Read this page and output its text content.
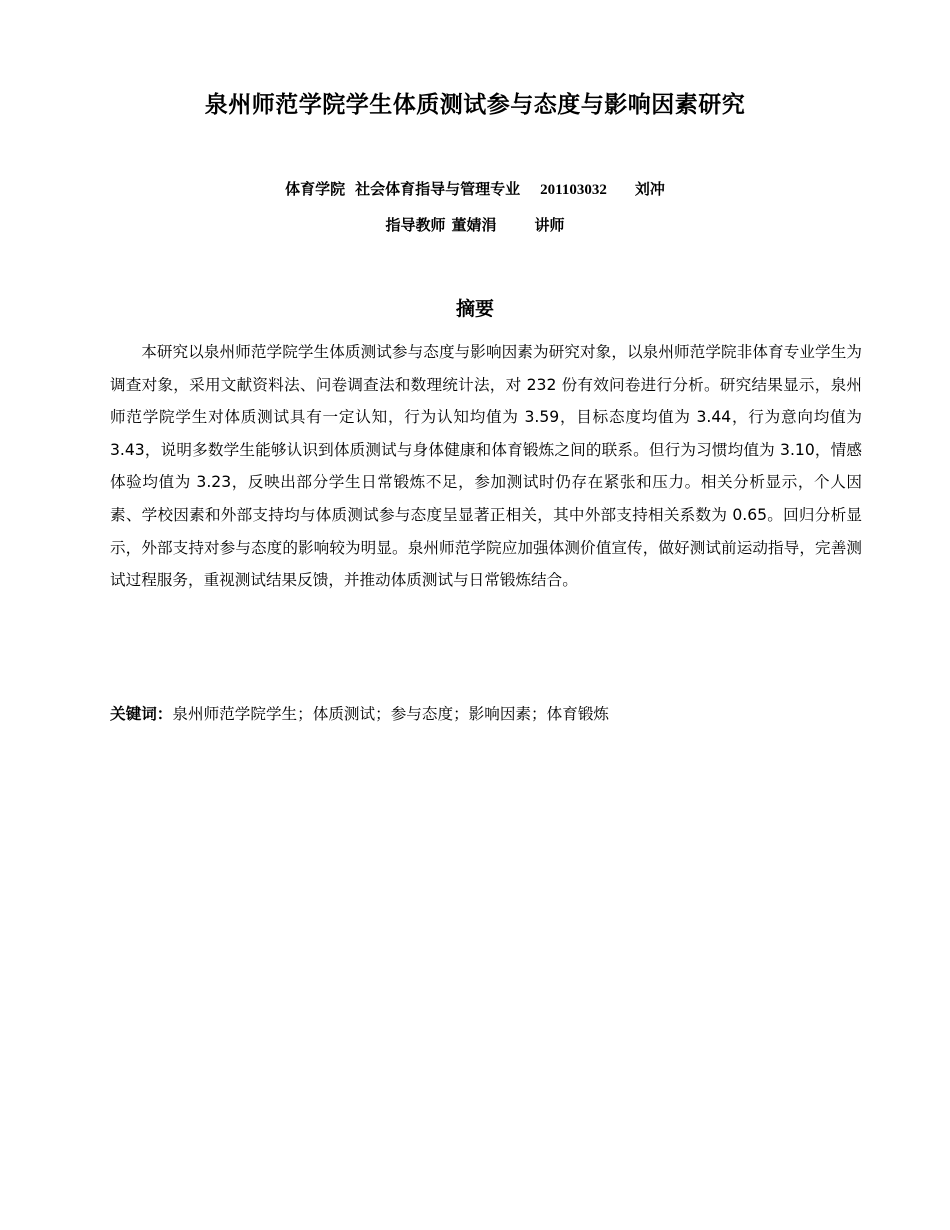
泉州师范学院学生体质测试参与态度与影响因素研究
体育学院 社会体育指导与管理专业 201103032 刘冲
指导教师 董婧涓	讲师
摘要

本研究以泉州师范学院学生体质测试参与态度与影响因素为研究对象，以泉州师范学院非体育专业学生为调查对象，采用文献资料法、问卷调查法和数理统计法，对 232 份有效问卷进行分析。研究结果显示，泉州师范学院学生对体质测试具有一定认知，行为认知均值为 3.59，目标态度均值为 3.44，行为意向均值为 3.43，说明多数学生能够认识到体质测试与身体健康和体育锻炼之间的联系。但行为习惯均值为 3.10，情感体验均值为 3.23，反映出部分学生日常锻炼不足，参加测试时仍存在紧张和压力。相关分析显示，个人因素、学校因素和外部支持均与体质测试参与态度呈显著正相关，其中外部支持相关系数为 0.65。回归分析显示，外部支持对参与态度的影响较为明显。泉州师范学院应加强体测价值宣传，做好测试前运动指导，完善测试过程服务，重视测试结果反馈，并推动体质测试与日常锻炼结合。

关键词：泉州师范学院学生；体质测试；参与态度；影响因素；体育锻炼
